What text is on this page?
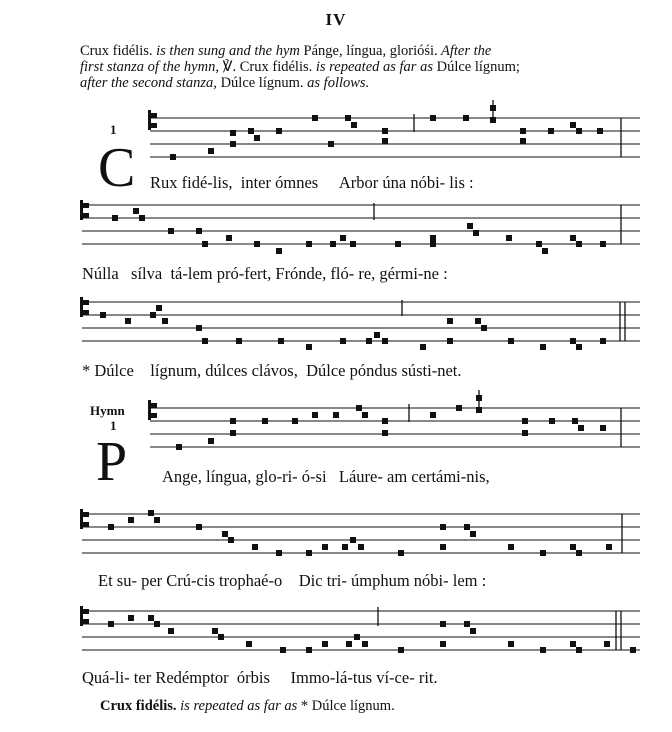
IV
Crux fidélis. is then sung and the hym Pánge, língua, glorióśi. After the
first stanza of the hymn, ℣. Crux fidélis. is repeated as far as Dúlce lígnum;
after the second stanza, Dúlce lígnum. as follows.
1
C Rux fidé-lis, inter ómnes Arbor úna nóbi- lis :
Núlla sílva tá-lem pró-fert, Frónde, fló- re, gérmi-ne :
* Dúlce lígnum, dúlces clávos, Dúlce póndus sústi-net.
Hymn
1
P Ange, língua, glo-ri- ó-si Láure- am certámi-nis,
Et su- per Crú-cis trophaé-o Dic tri- úmphum nóbi- lem :
Quá-li- ter Redémptor órbis Immo-lá-tus ví-ce- rit.
Crux fidélis. is repeated as far as * Dúlce lígnum.
